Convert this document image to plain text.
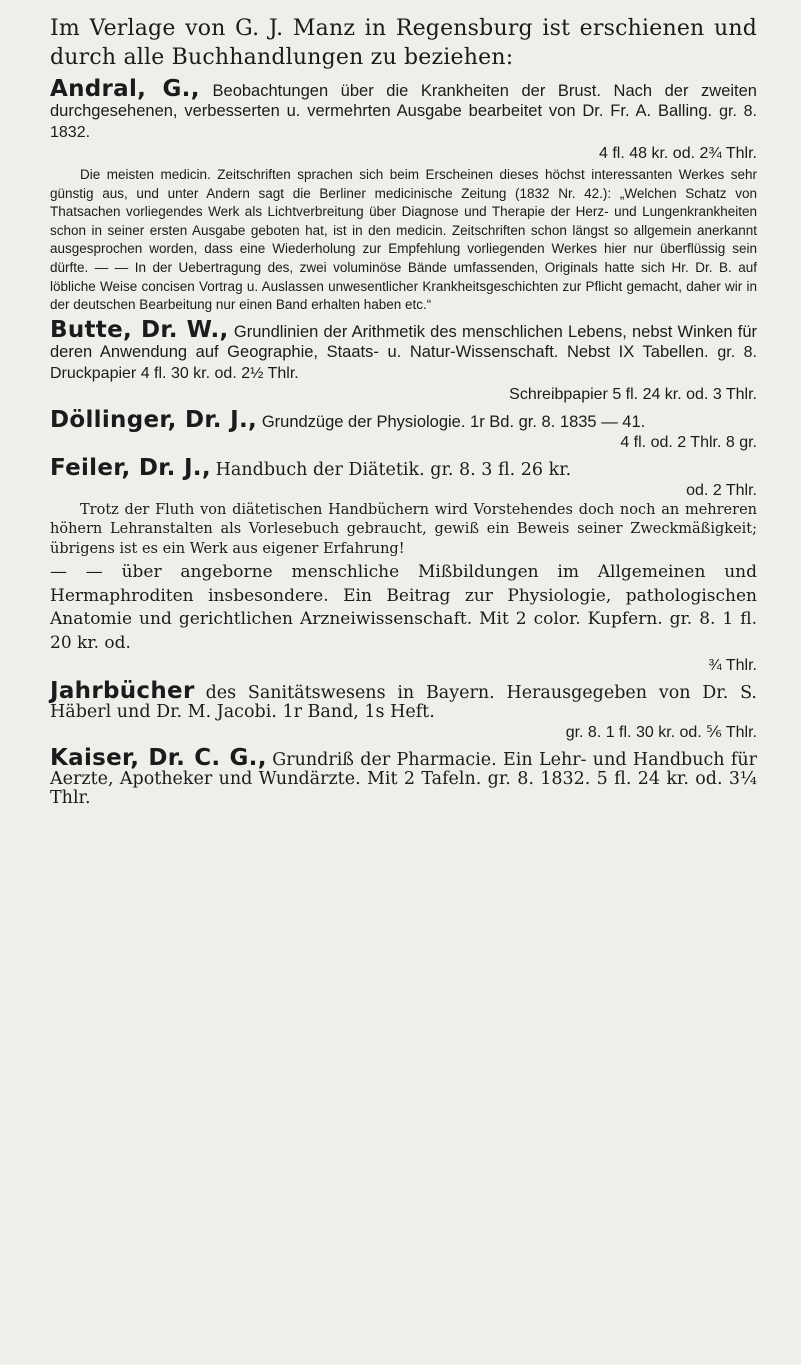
Im Verlage von G. J. Manz in Regensburg ist erschienen und durch alle Buchhandlungen zu beziehen:
Andral, G., Beobachtungen über die Krankheiten der Brust. Nach der zweiten durchgesehenen, verbesserten u. vermehrten Ausgabe bearbeitet von Dr. Fr. A. Balling. gr. 8. 1832.
4 fl. 48 kr. od. 2¾ Thlr.
Die meisten medicin. Zeitschriften sprachen sich beim Erscheinen dieses höchst interessanten Werkes sehr günstig aus, und unter Andern sagt die Berliner medicinische Zeitung (1832 Nr. 42.): „Welchen Schatz von Thatsachen vorliegendes Werk als Lichtverbreitung über Diagnose und Therapie der Herz- und Lungenkrankheiten schon in seiner ersten Ausgabe geboten hat, ist in den medicin. Zeitschriften schon längst so allgemein anerkannt ausgesprochen worden, dass eine Wiederholung zur Empfehlung vorliegenden Werkes hier nur überflüssig sein dürfte. — — In der Uebertragung des, zwei voluminöse Bände umfassenden, Originals hatte sich Hr. Dr. B. auf löbliche Weise concisen Vortrag u. Auslassen unwesentlicher Krankheitsgeschichten zur Pflicht gemacht, daher wir in der deutschen Bearbeitung nur einen Band erhalten haben etc.“
Butte, Dr. W., Grundlinien der Arithmetik des menschlichen Lebens, nebst Winken für deren Anwendung auf Geographie, Staats- u. Natur-Wissenschaft. Nebst IX Tabellen. gr. 8. Druckpapier 4 fl. 30 kr. od. 2½ Thlr.
Schreibpapier 5 fl. 24 kr. od. 3 Thlr.
Döllinger, Dr. J., Grundzüge der Physiologie. 1r Bd. gr. 8. 1835 — 41.
4 fl. od. 2 Thlr. 8 gr.
Feiler, Dr. J., Handbuch der Diätetik. gr. 8. 3 fl. 26 kr.
od. 2 Thlr.
Trotz der Fluth von diätetischen Handbüchern wird Vorstehendes doch noch an mehreren höhern Lehranstalten als Vorlesebuch gebraucht, gewiß ein Beweis seiner Zweckmäßigkeit; übrigens ist es ein Werk aus eigener Erfahrung!
— — über angeborne menschliche Mißbildungen im Allgemeinen und Hermaphroditen insbesondere. Ein Beitrag zur Physiologie, pathologischen Anatomie und gerichtlichen Arzneiwissenschaft. Mit 2 color. Kupfern. gr. 8. 1 fl. 20 kr. od.
¾ Thlr.
Jahrbücher des Sanitätswesens in Bayern. Herausgegeben von Dr. S. Häberl und Dr. M. Jacobi. 1r Band, 1s Heft.
gr. 8. 1 fl. 30 kr. od. ⅚ Thlr.
Kaiser, Dr. C. G., Grundriß der Pharmacie. Ein Lehr- und Handbuch für Aerzte, Apotheker und Wundärzte. Mit 2 Tafeln. gr. 8. 1832. 5 fl. 24 kr. od. 3¼ Thlr.
